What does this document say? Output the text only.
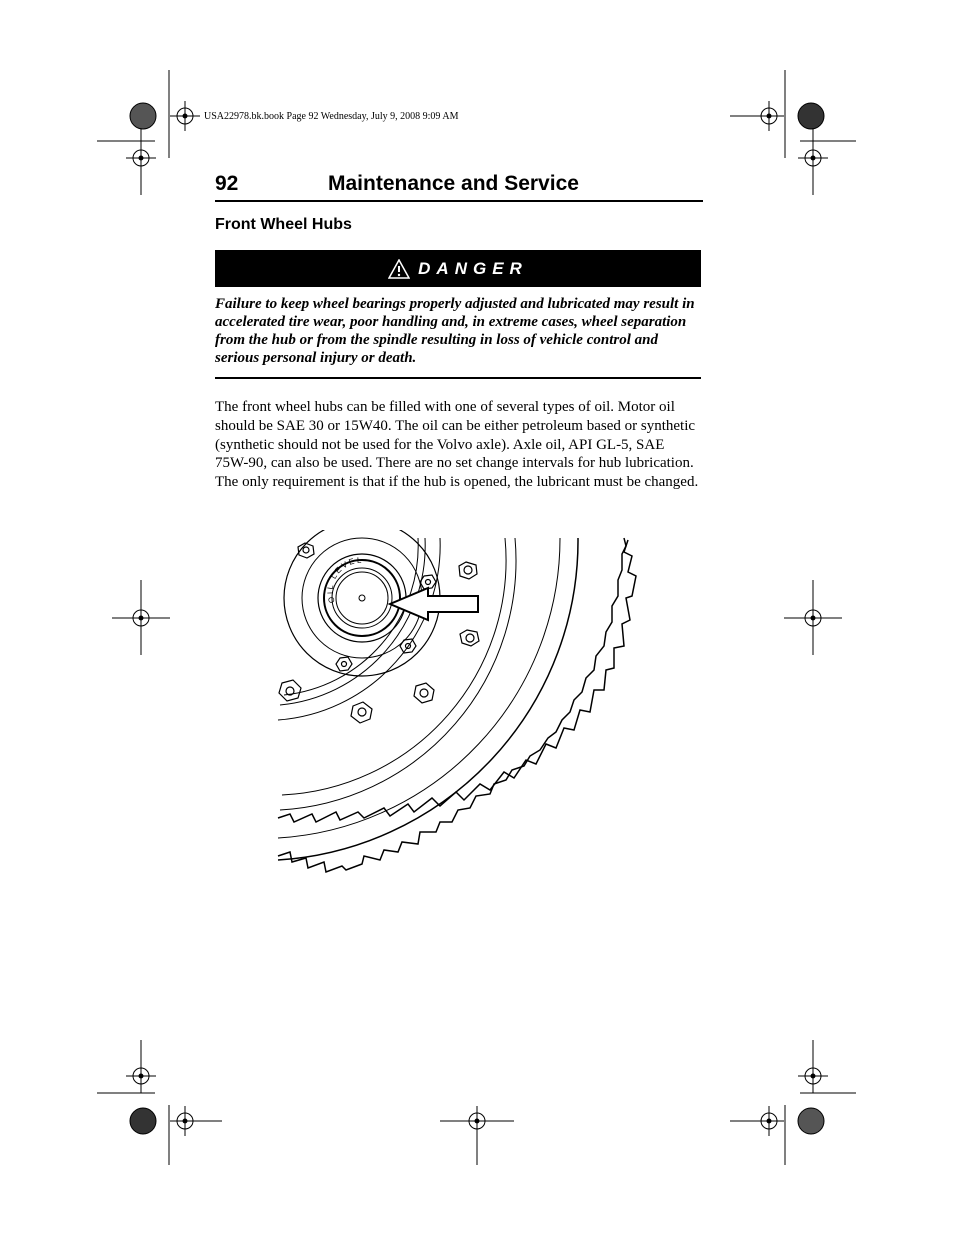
USA22978.bk.book Page 92 Wednesday, July 9, 2008 9:09 AM
92	Maintenance and Service
Front Wheel Hubs
DANGER
Failure to keep wheel bearings properly adjusted and lubricated may result in accelerated tire wear, poor handling and, in extreme cases, wheel separation from the hub or from the spindle resulting in loss of vehicle control and serious personal injury or death.
The front wheel hubs can be filled with one of several types of oil. Motor oil should be SAE 30 or 15W40. The oil can be either petroleum based or synthetic (synthetic should not be used for the Volvo axle). Axle oil, API GL-5, SAE 75W-90, can also be used. There are no set change intervals for hub lubrication. The only requirement is that if the hub is opened, the lubricant must be changed.
OIL LEVEL
